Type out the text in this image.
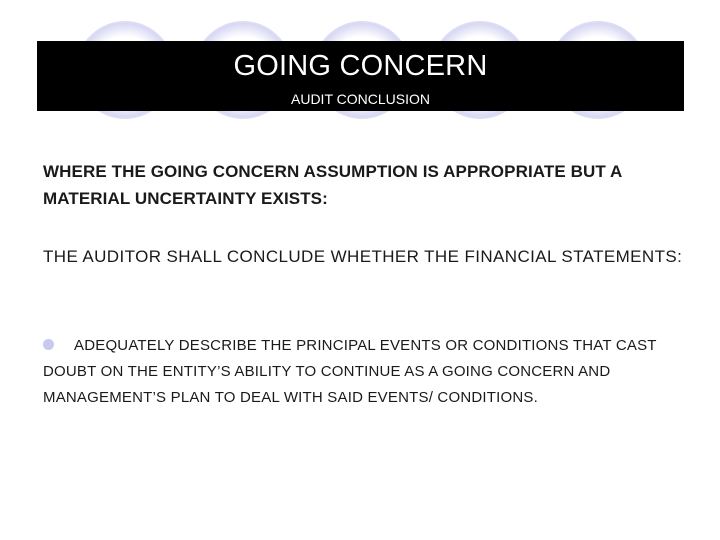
GOING CONCERN
AUDIT CONCLUSION

WHERE THE GOING CONCERN ASSUMPTION IS APPROPRIATE BUT A MATERIAL UNCERTAINTY EXISTS:

THE AUDITOR SHALL CONCLUDE WHETHER THE FINANCIAL STATEMENTS:

ADEQUATELY DESCRIBE THE PRINCIPAL EVENTS OR CONDITIONS THAT CAST DOUBT ON THE ENTITY’S ABILITY TO CONTINUE AS A GOING CONCERN AND MANAGEMENT’S PLAN TO DEAL WITH SAID EVENTS/ CONDITIONS.
